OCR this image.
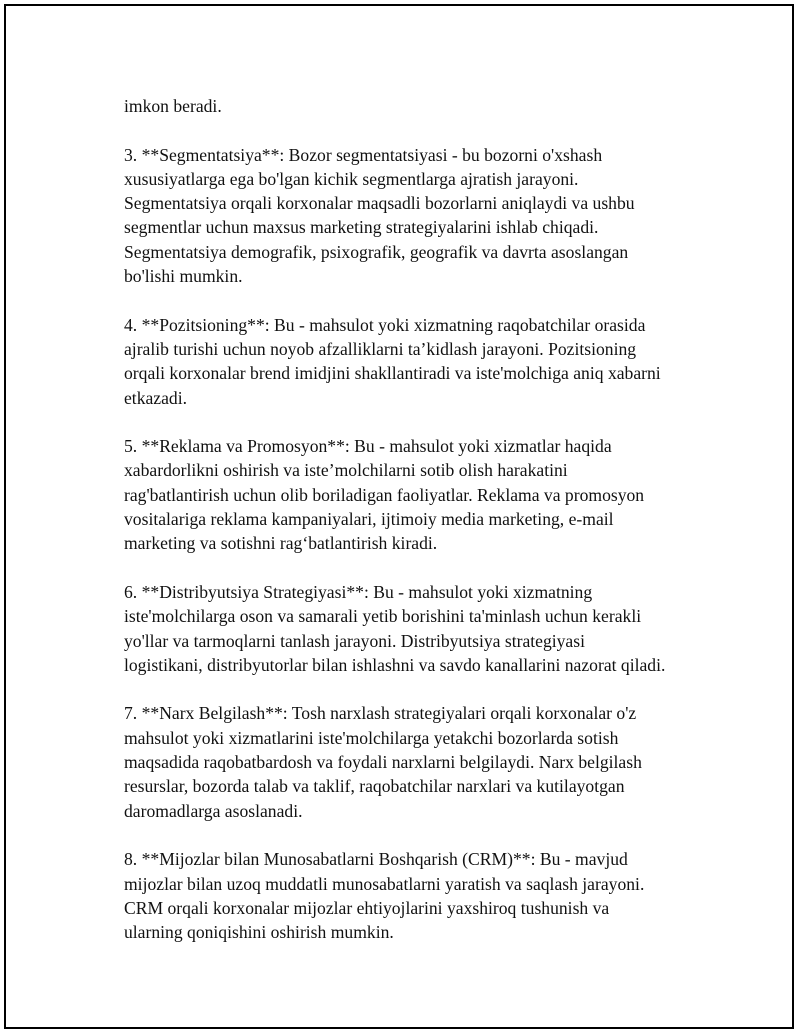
imkon beradi.

3. **Segmentatsiya**: Bozor segmentatsiyasi - bu bozorni o'xshash
xususiyatlarga ega bo'lgan kichik segmentlarga ajratish jarayoni.
Segmentatsiya orqali korxonalar maqsadli bozorlarni aniqlaydi va ushbu
segmentlar uchun maxsus marketing strategiyalarini ishlab chiqadi.
Segmentatsiya demografik, psixografik, geografik va davrta asoslangan
bo'lishi mumkin.

4. **Pozitsioning**: Bu - mahsulot yoki xizmatning raqobatchilar orasida
ajralib turishi uchun noyob afzalliklarni ta’kidlash jarayoni. Pozitsioning
orqali korxonalar brend imidjini shakllantiradi va iste'molchiga aniq xabarni
etkazadi.

5. **Reklama va Promosyon**: Bu - mahsulot yoki xizmatlar haqida
xabardorlikni oshirish va iste’molchilarni sotib olish harakatini
rag'batlantirish uchun olib boriladigan faoliyatlar. Reklama va promosyon
vositalariga reklama kampaniyalari, ijtimoiy media marketing, e-mail
marketing va sotishni rag‘batlantirish kiradi.

6. **Distribyutsiya Strategiyasi**: Bu - mahsulot yoki xizmatning
iste'molchilarga oson va samarali yetib borishini ta'minlash uchun kerakli
yo'llar va tarmoqlarni tanlash jarayoni. Distribyutsiya strategiyasi
logistikani, distribyutorlar bilan ishlashni va savdo kanallarini nazorat qiladi.

7. **Narx Belgilash**: Tosh narxlash strategiyalari orqali korxonalar o'z
mahsulot yoki xizmatlarini iste'molchilarga yetakchi bozorlarda sotish
maqsadida raqobatbardosh va foydali narxlarni belgilaydi. Narx belgilash
resurslar, bozorda talab va taklif, raqobatchilar narxlari va kutilayotgan
daromadlarga asoslanadi.

8. **Mijozlar bilan Munosabatlarni Boshqarish (CRM)**: Bu - mavjud
mijozlar bilan uzoq muddatli munosabatlarni yaratish va saqlash jarayoni.
CRM orqali korxonalar mijozlar ehtiyojlarini yaxshiroq tushunish va
ularning qoniqishini oshirish mumkin.
